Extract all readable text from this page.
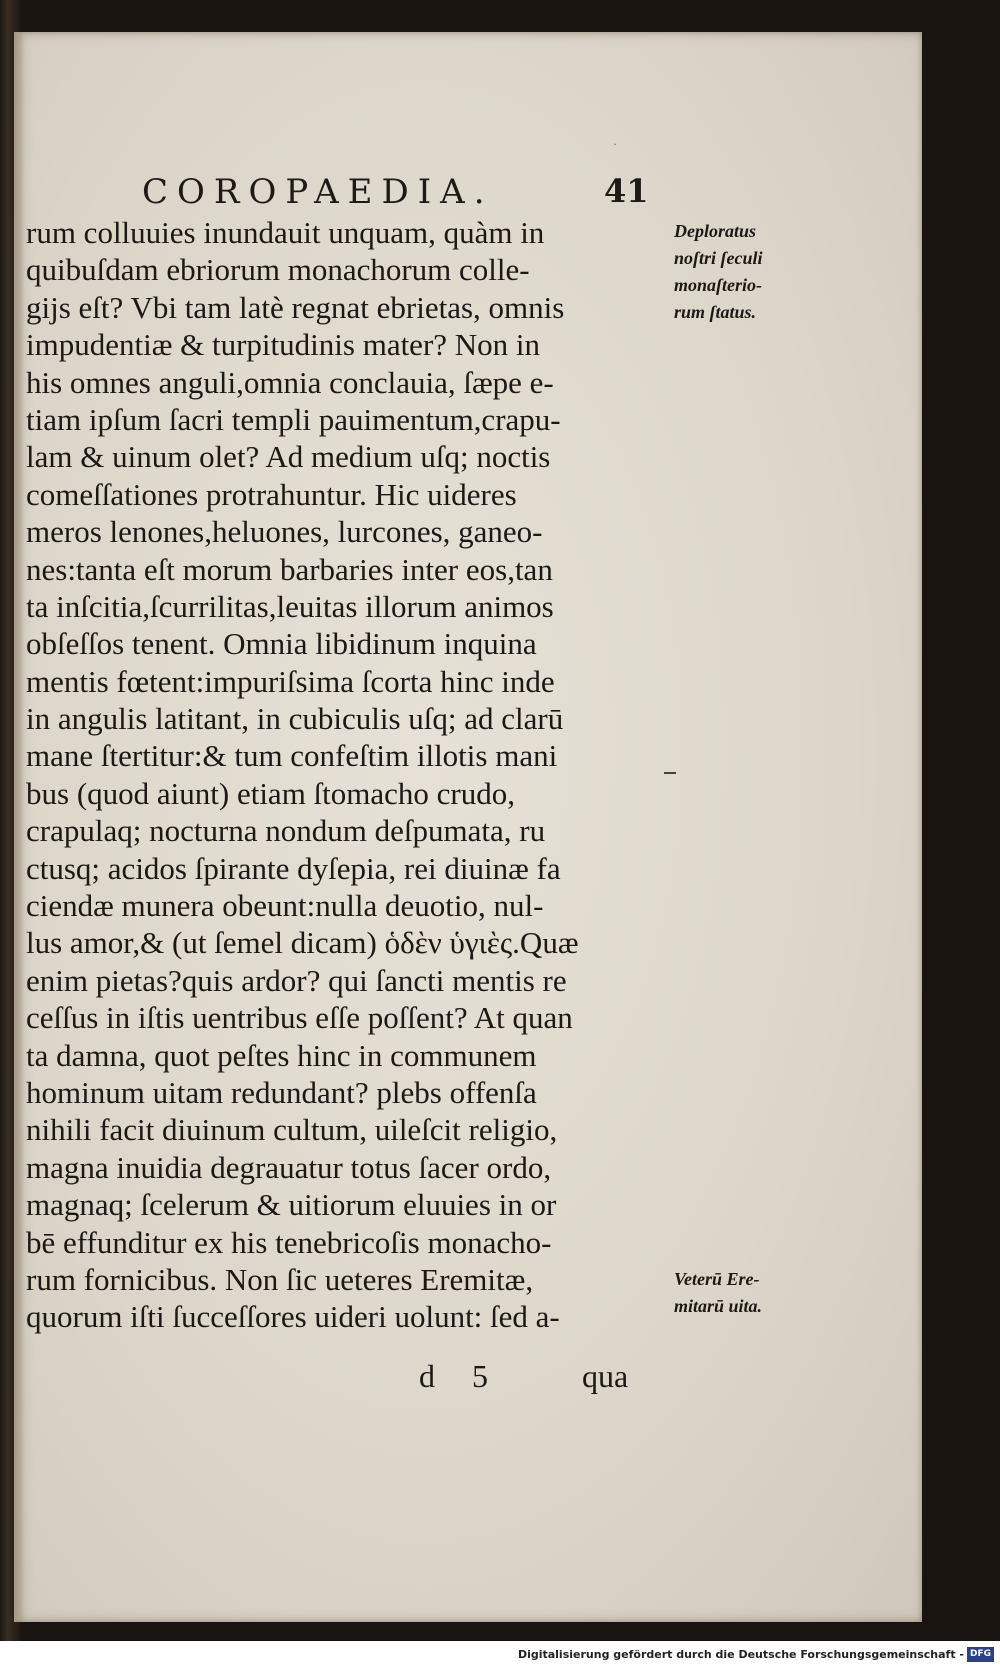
˙
COROPAEDIA.	41
rum colluuies inundauit unquam, quàm in
quibuſdam ebriorum monachorum colle-
gijs eſt? Vbi tam latè regnat ebrietas, omnis
impudentiæ & turpitudinis mater? Non in
his omnes anguli,omnia conclauia, ſæpe e-
tiam ipſum ſacri templi pauimentum,crapu-
lam & uinum olet? Ad medium uſq; noctis
comeſſationes protrahuntur. Hic uideres
meros lenones,heluones, lurcones, ganeo-
nes:tanta eſt morum barbaries inter eos,tan
ta inſcitia,ſcurrilitas,leuitas illorum animos
obſeſſos tenent. Omnia libidinum inquina
mentis fœtent:impuriſsima ſcorta hinc inde
in angulis latitant, in cubiculis uſq; ad clarū
mane ſtertitur:& tum confeſtim illotis mani
bus (quod aiunt) etiam ſtomacho crudo,
crapulaq; nocturna nondum deſpumata, ru
ctusq; acidos ſpirante dyſepia, rei diuinæ fa
ciendæ munera obeunt:nulla deuotio, nul-
lus amor,& (ut ſemel dicam) ὁδὲν ὑγιὲς.Quæ
enim pietas?quis ardor? qui ſancti mentis re
ceſſus in iſtis uentribus eſſe poſſent? At quan
ta damna, quot peſtes hinc in communem
hominum uitam redundant? plebs offenſa
nihili facit diuinum cultum, uileſcit religio,
magna inuidia degrauatur totus ſacer ordo,
magnaq; ſcelerum & uitiorum eluuies in or
bē effunditur ex his tenebricoſis monacho-
rum fornicibus. Non ſic ueteres Eremitæ,
quorum iſti ſucceſſores uideri uolunt: ſed a-
Deploratus
noſtri ſeculi
monaſterio-
rum ſtatus.
Veterū Ere-
mitarū uita.
d 5	qua
Digitalisierung gefördert durch die Deutsche Forschungsgemeinschaft - DFG
